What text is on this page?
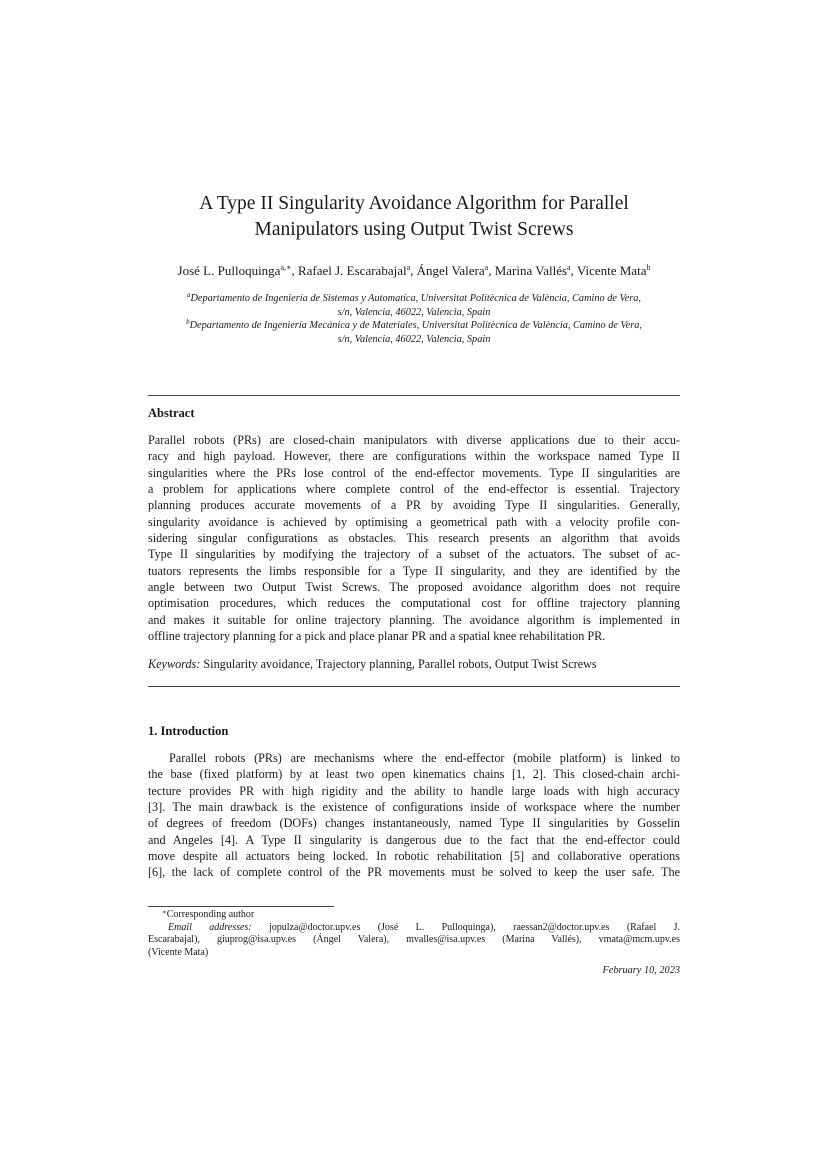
A Type II Singularity Avoidance Algorithm for Parallel
Manipulators using Output Twist Screws
José L. Pulloquinga$^{a,∗}$, Rafael J. Escarabajal$^a$, Ángel Valera$^a$, Marina Vallés$^a$, Vicente Mata$^b$
$^a$Departamento de Ingeniería de Sistemas y Automatica, Universitat Politècnica de València, Camino de Vera,
s/n, Valencia, 46022, Valencia, Spain
$^b$Departamento de Ingeniería Mecánica y de Materiales, Universitat Politècnica de València, Camino de Vera,
s/n, Valencia, 46022, Valencia, Spain
Abstract
Parallel robots (PRs) are closed-chain manipulators with diverse applications due to their accu-
racy and high payload. However, there are configurations within the workspace named Type II
singularities where the PRs lose control of the end-effector movements. Type II singularities are
a problem for applications where complete control of the end-effector is essential. Trajectory
planning produces accurate movements of a PR by avoiding Type II singularities. Generally,
singularity avoidance is achieved by optimising a geometrical path with a velocity profile con-
sidering singular configurations as obstacles. This research presents an algorithm that avoids
Type II singularities by modifying the trajectory of a subset of the actuators. The subset of ac-
tuators represents the limbs responsible for a Type II singularity, and they are identified by the
angle between two Output Twist Screws. The proposed avoidance algorithm does not require
optimisation procedures, which reduces the computational cost for offline trajectory planning
and makes it suitable for online trajectory planning. The avoidance algorithm is implemented in
offline trajectory planning for a pick and place planar PR and a spatial knee rehabilitation PR.
Keywords: Singularity avoidance, Trajectory planning, Parallel robots, Output Twist Screws
1. Introduction
Parallel robots (PRs) are mechanisms where the end-effector (mobile platform) is linked to
the base (fixed platform) by at least two open kinematics chains [1, 2]. This closed-chain archi-
tecture provides PR with high rigidity and the ability to handle large loads with high accuracy
[3]. The main drawback is the existence of configurations inside of workspace where the number
of degrees of freedom (DOFs) changes instantaneously, named Type II singularities by Gosselin
and Angeles [4]. A Type II singularity is dangerous due to the fact that the end-effector could
move despite all actuators being locked. In robotic rehabilitation [5] and collaborative operations
[6], the lack of complete control of the PR movements must be solved to keep the user safe. The
∗Corresponding author
Email addresses: jopulza@doctor.upv.es (José L. Pulloquinga), raessan2@doctor.upv.es (Rafael J.
Escarabajal), giuprog@isa.upv.es (Ángel Valera), mvalles@isa.upv.es (Marina Vallés), vmata@mcm.upv.es
(Vicente Mata)
February 10, 2023
